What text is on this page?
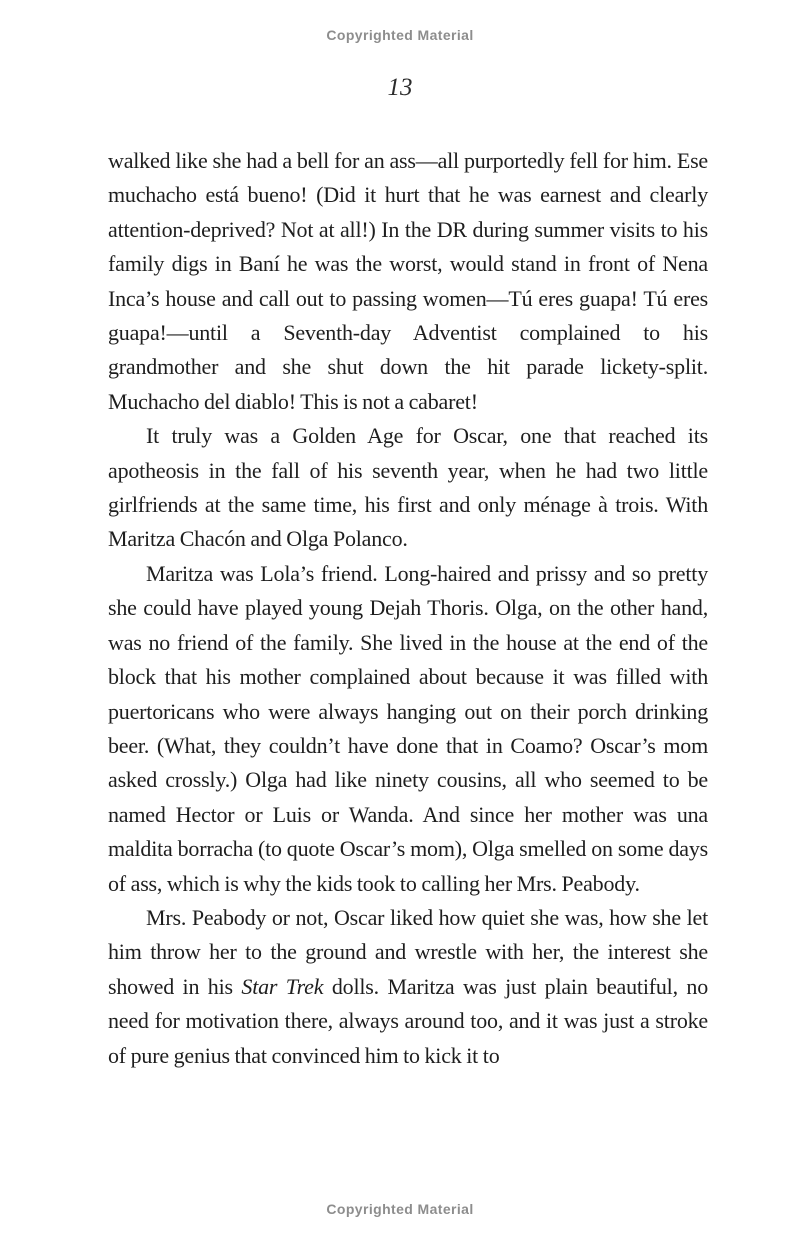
Copyrighted Material
13

walked like she had a bell for an ass—all purportedly fell for him. Ese muchacho está bueno! (Did it hurt that he was earnest and clearly attention-deprived? Not at all!) In the DR during summer visits to his family digs in Baní he was the worst, would stand in front of Nena Inca’s house and call out to passing women—Tú eres guapa! Tú eres guapa!—until a Seventh-day Adventist complained to his grandmother and she shut down the hit parade lickety-split. Muchacho del diablo! This is not a cabaret!

It truly was a Golden Age for Oscar, one that reached its apotheosis in the fall of his seventh year, when he had two little girlfriends at the same time, his first and only ménage à trois. With Maritza Chacón and Olga Polanco.

Maritza was Lola’s friend. Long-haired and prissy and so pretty she could have played young Dejah Thoris. Olga, on the other hand, was no friend of the family. She lived in the house at the end of the block that his mother complained about because it was filled with puertoricans who were always hanging out on their porch drinking beer. (What, they couldn’t have done that in Coamo? Oscar’s mom asked crossly.) Olga had like ninety cousins, all who seemed to be named Hector or Luis or Wanda. And since her mother was una maldita borracha (to quote Oscar’s mom), Olga smelled on some days of ass, which is why the kids took to calling her Mrs. Peabody.

Mrs. Peabody or not, Oscar liked how quiet she was, how she let him throw her to the ground and wrestle with her, the interest she showed in his Star Trek dolls. Maritza was just plain beautiful, no need for motivation there, always around too, and it was just a stroke of pure genius that convinced him to kick it to

Copyrighted Material
